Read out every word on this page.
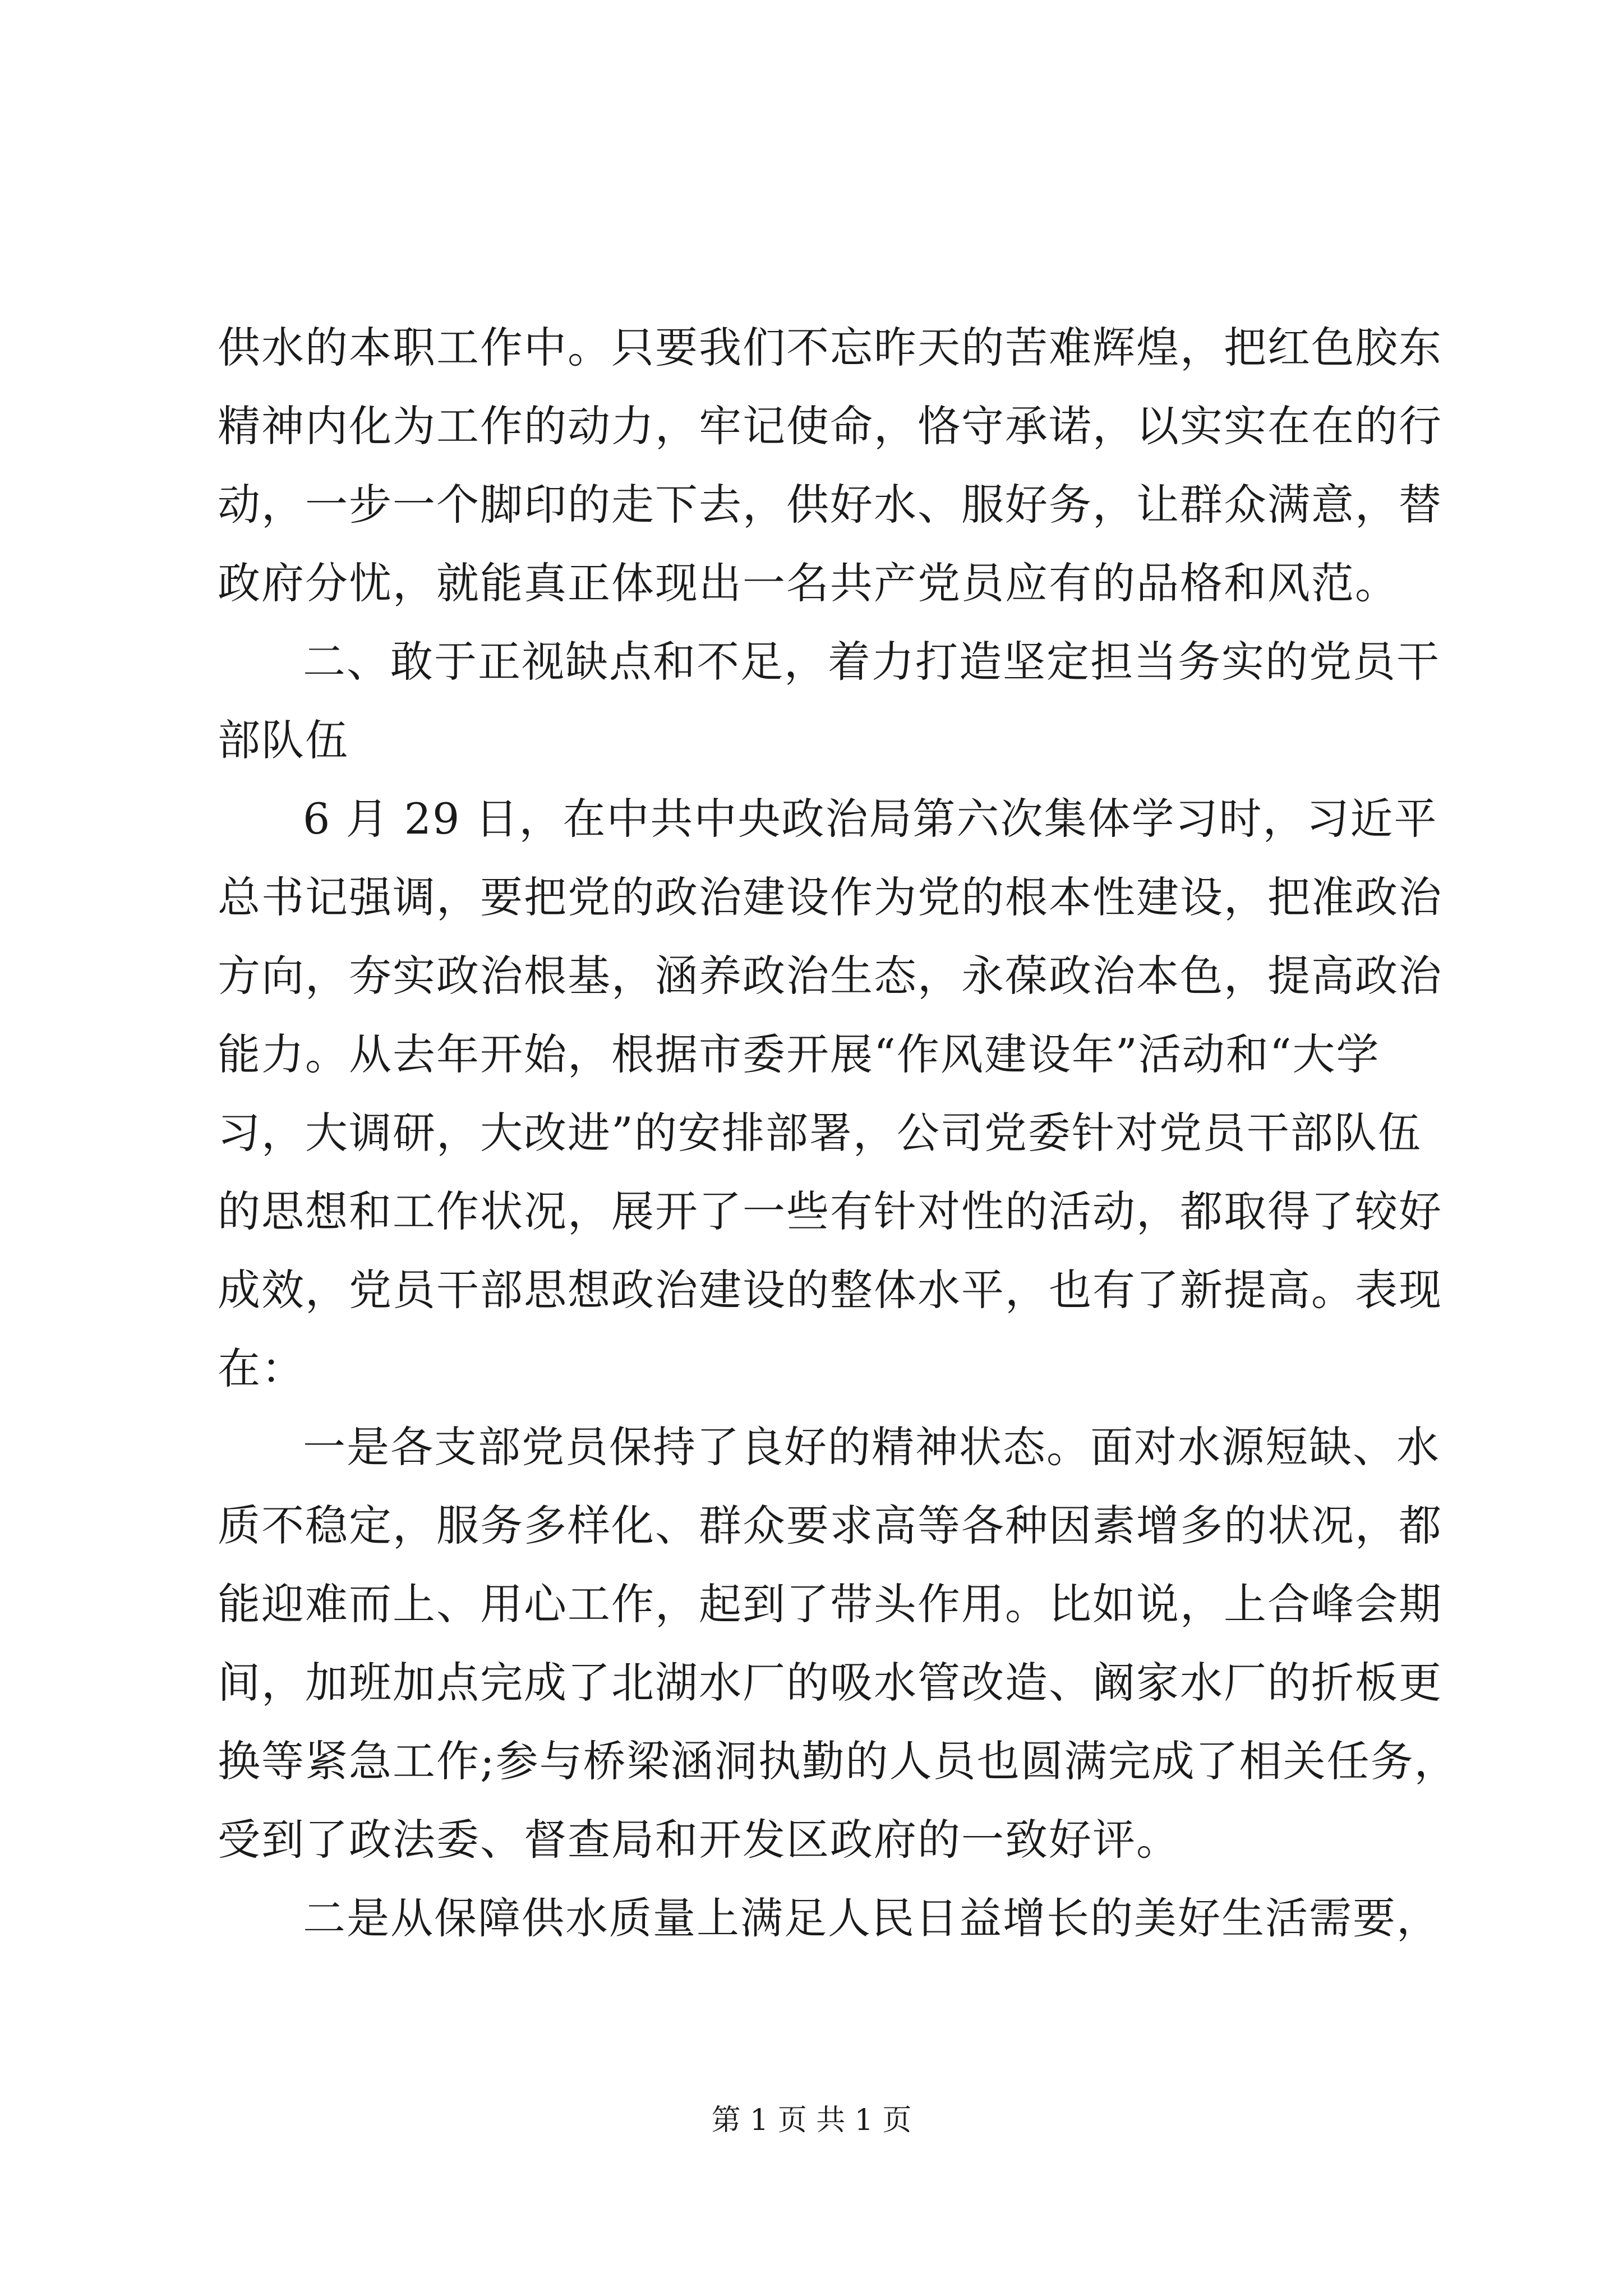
供水的本职工作中。只要我们不忘昨天的苦难辉煌，把红色胶东
精神内化为工作的动力，牢记使命，恪守承诺，以实实在在的行
动，一步一个脚印的走下去，供好水、服好务，让群众满意，替
政府分忧，就能真正体现出一名共产党员应有的品格和风范。
二、敢于正视缺点和不足，着力打造坚定担当务实的党员干
部队伍
6 月 29 日，在中共中央政治局第六次集体学习时，习近平
总书记强调，要把党的政治建设作为党的根本性建设，把准政治
方向，夯实政治根基，涵养政治生态，永葆政治本色，提高政治
能力。从去年开始，根据市委开展“作风建设年”活动和“大学
习，大调研，大改进”的安排部署，公司党委针对党员干部队伍
的思想和工作状况，展开了一些有针对性的活动，都取得了较好
成效，党员干部思想政治建设的整体水平，也有了新提高。表现
在：
一是各支部党员保持了良好的精神状态。面对水源短缺、水
质不稳定，服务多样化、群众要求高等各种因素增多的状况，都
能迎难而上、用心工作，起到了带头作用。比如说，上合峰会期
间，加班加点完成了北湖水厂的吸水管改造、阚家水厂的折板更
换等紧急工作;参与桥梁涵洞执勤的人员也圆满完成了相关任务，
受到了政法委、督查局和开发区政府的一致好评。
二是从保障供水质量上满足人民日益增长的美好生活需要，
第 1 页 共 1 页
